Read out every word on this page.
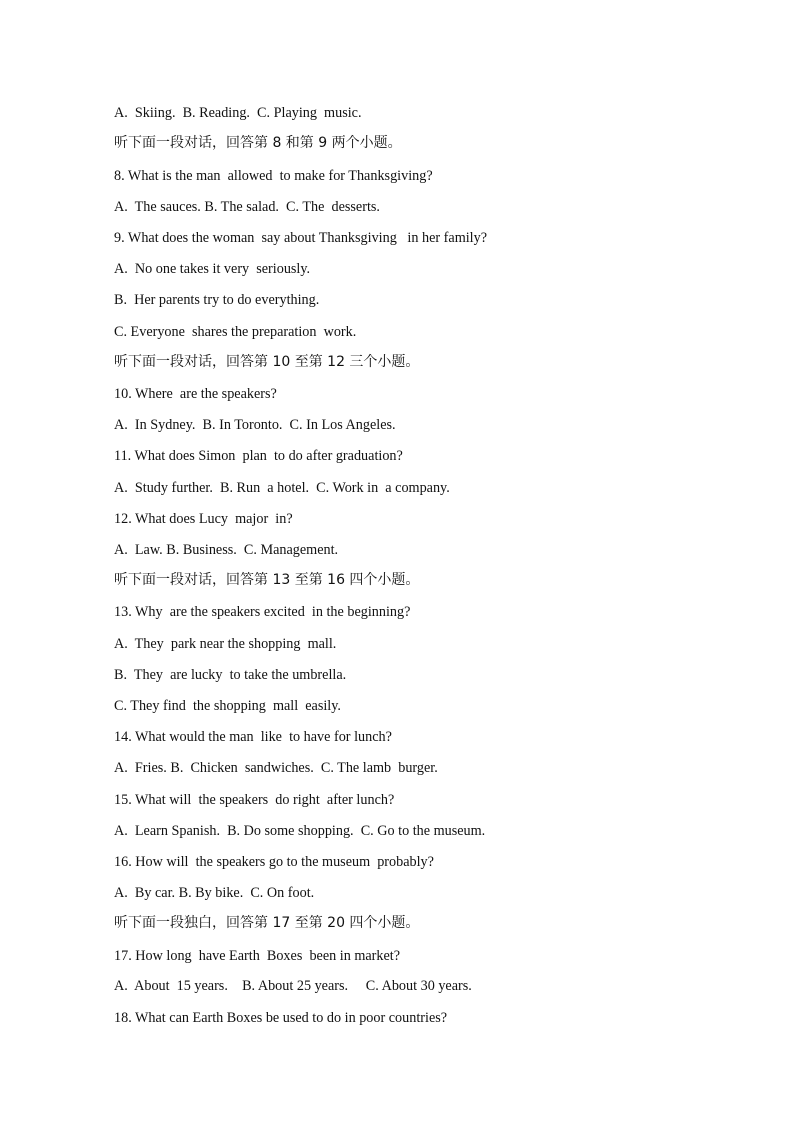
A.  Skiing.  B. Reading.  C. Playing  music.
听下面一段对话，回答第 8 和第 9 两个小题。
8. What is the man  allowed  to make for Thanksgiving?
A.  The sauces. B. The salad.  C. The  desserts.
9. What does the woman  say about Thanksgiving   in her family?
A.  No one takes it very  seriously.
B.  Her parents try to do everything.
C. Everyone  shares the preparation  work.
听下面一段对话，回答第 10 至第 12 三个小题。
10. Where  are the speakers?
A.  In Sydney.  B. In Toronto.  C. In Los Angeles.
11. What does Simon  plan  to do after graduation?
A.  Study further.  B. Run  a hotel.  C. Work in  a company.
12. What does Lucy  major  in?
A.  Law. B. Business.  C. Management.
听下面一段对话，回答第 13 至第 16 四个小题。
13. Why  are the speakers excited  in the beginning?
A.  They  park near the shopping  mall.
B.  They  are lucky  to take the umbrella.
C. They find  the shopping  mall  easily.
14. What would the man  like  to have for lunch?
A.  Fries. B.  Chicken  sandwiches.  C. The lamb  burger.
15. What will  the speakers  do right  after lunch?
A.  Learn Spanish.  B. Do some shopping.  C. Go to the museum.
16. How will  the speakers go to the museum  probably?
A.  By car. B. By bike.  C. On foot.
听下面一段独白，回答第 17 至第 20 四个小题。
17. How long  have Earth  Boxes  been in market?
A.  About  15 years.    B. About 25 years.     C. About 30 years.
18. What can Earth Boxes be used to do in poor countries?
